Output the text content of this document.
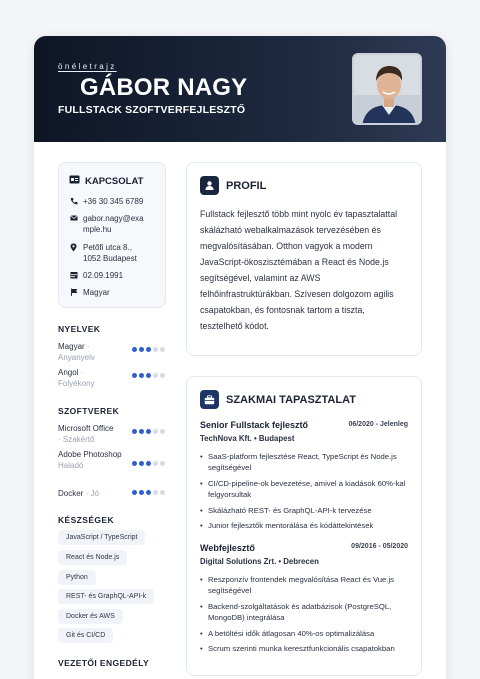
önéletrajz
GÁBOR NAGY
FULLSTACK SZOFTVERFEJLESZTŐ
KAPCSOLAT
+36 30 345 6789
gabor.nagy@exa
mple.hu
Petőfi utca 8.,
1052 Budapest
02.09.1991
Magyar
NYELVEK
Magyar ·
Anyanyelv
Angol ·
Folyékony
SZOFTVEREK
Microsoft Office
· Szakértő
Adobe Photoshop
Haladó
Docker · Jó
KÉSZSÉGEK
JavaScript / TypeScript
React és Node.js
Python
REST- és GraphQL-API-k
Docker és AWS
Git és CI/CD
VEZETŐI ENGEDÉLY
PROFIL
Fullstack fejlesztő több mint nyolc év tapasztalattal skálázható webalkalmazások tervezésében és megvalósításában. Otthon vagyok a modern JavaScript-ökoszisztémában a React és Node.js segítségével, valamint az AWS felhőinfrastruktúrákban. Szívesen dolgozom agilis csapatokban, és fontosnak tartom a tiszta, tesztelhető kódot.
SZAKMAI TAPASZTALAT
Senior Fullstack fejlesztő	06/2020 - Jelenleg
TechNova Kft. • Budapest
• SaaS-platform fejlesztése React, TypeScript és Node.js segítségével
• CI/CD-pipeline-ok bevezetése, amivel a kiadások 60%-kal felgyorsultak
• Skálázható REST- és GraphQL-API-k tervezése
• Junior fejlesztők mentorálása és kódáttekintések
Webfejlesztő	09/2016 - 05/2020
Digital Solutions Zrt. • Debrecen
• Reszponzív frontendek megvalósítása React és Vue.js segítségével
• Backend-szolgáltatások és adatbázisok (PostgreSQL, MongoDB) integrálása
• A betöltési idők átlagosan 40%-os optimalizálása
• Scrum szerinti munka keresztfunkcionális csapatokban
